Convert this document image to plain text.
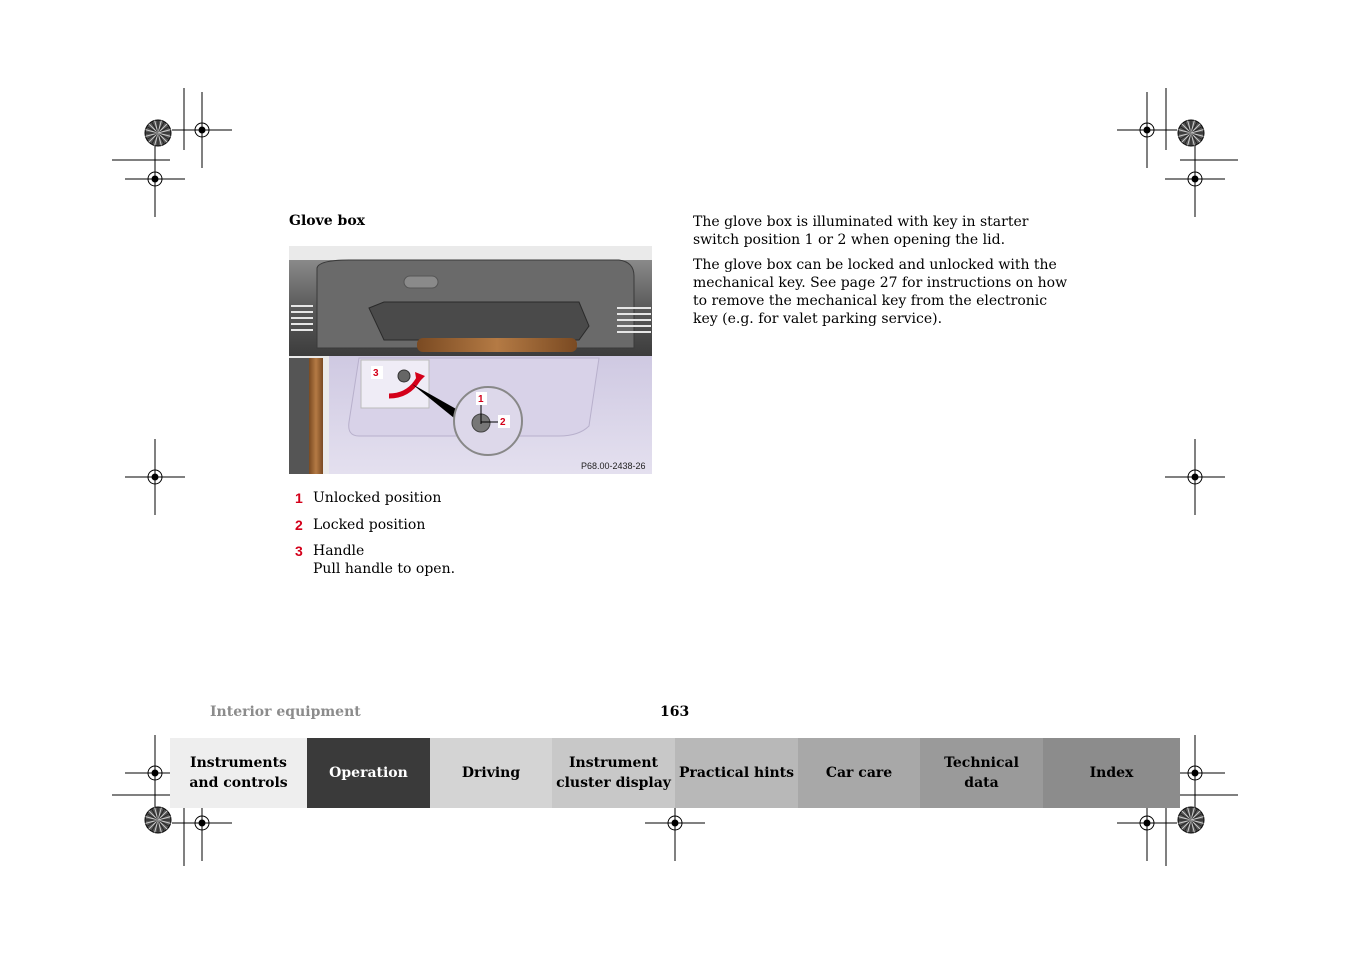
Glove box
3
1
2
P68.00-2438-26
1 Unlocked position
2 Locked position
3 Handle
Pull handle to open.

The glove box is illuminated with key in starter switch position 1 or 2 when opening the lid.

The glove box can be locked and unlocked with the mechanical key. See page 27 for instructions on how to remove the mechanical key from the electronic key (e.g. for valet parking service).

Interior equipment	163
Instruments
and controls
Operation	Driving
Instrument
cluster display
Practical hints Car care
Technical
data
Index
